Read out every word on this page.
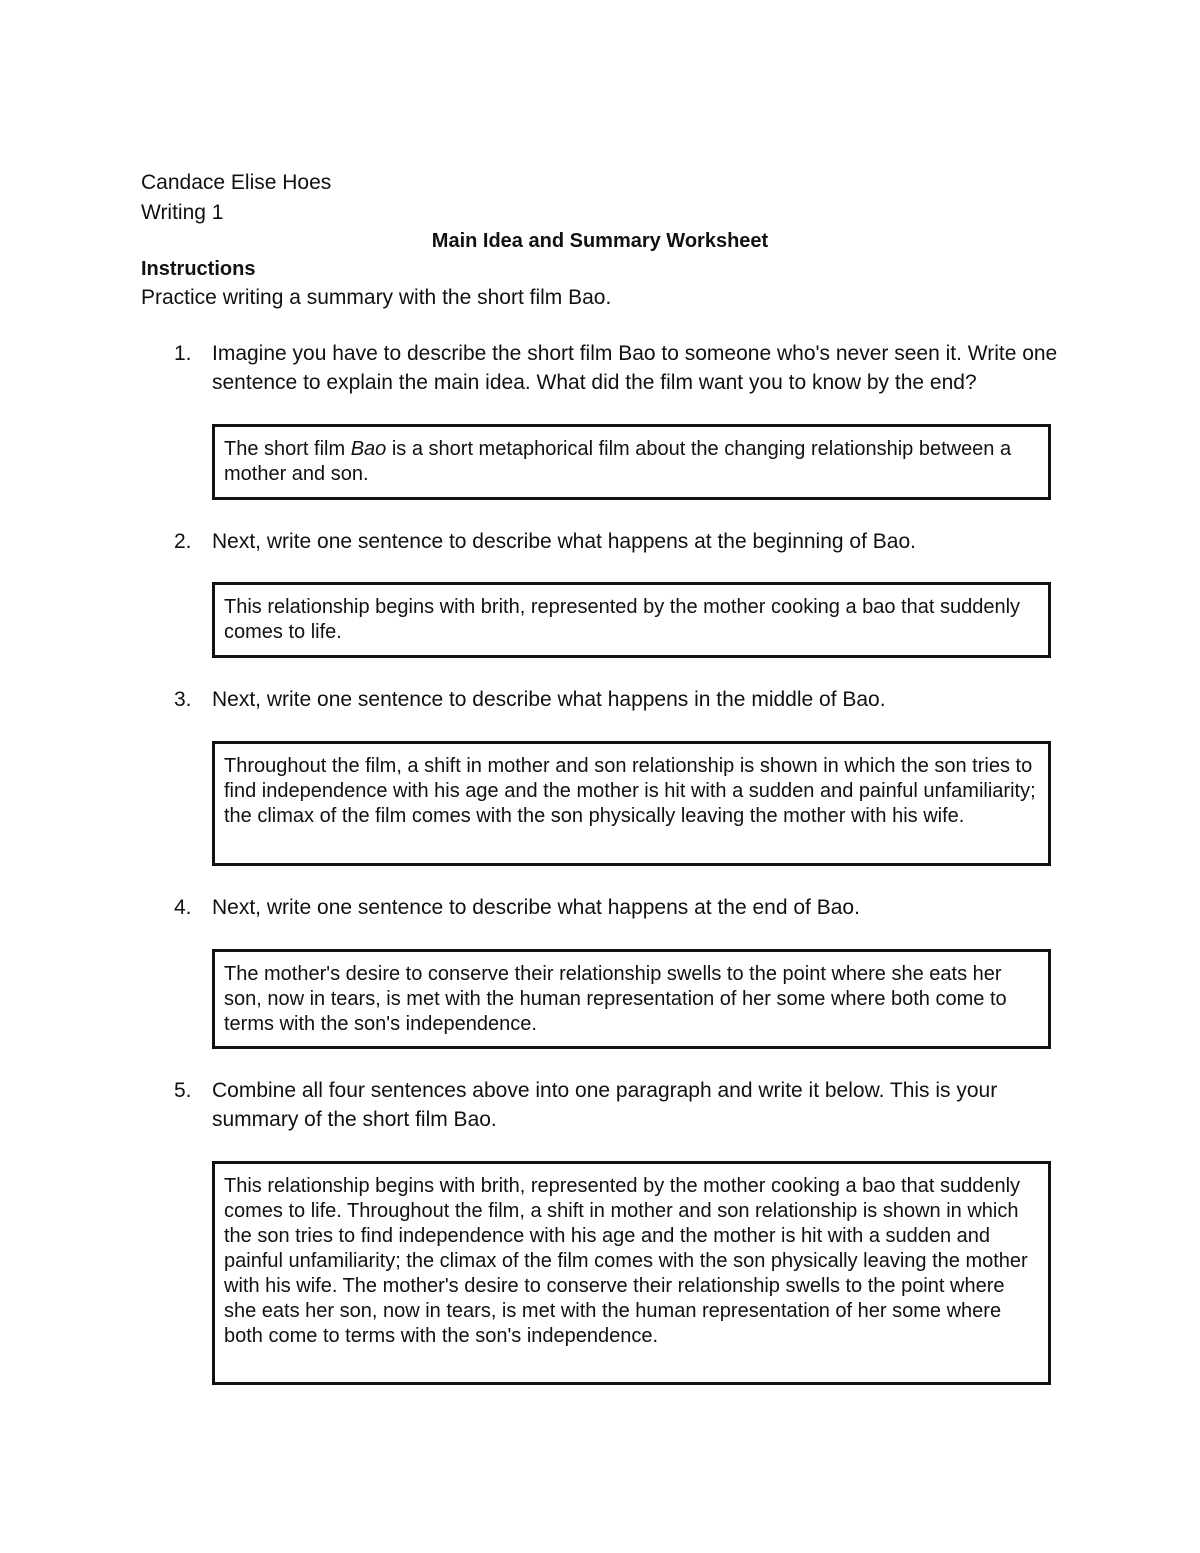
Candace Elise Hoes

Writing 1

Main Idea and Summary Worksheet
Instructions

Practice writing a summary with the short film Bao.

1. Imagine you have to describe the short film Bao to someone who's never seen it. Write one sentence to explain the main idea. What did the film want you to know by the end?

The short film Bao is a short metaphorical film about the changing relationship between a mother and son.
2. Next, write one sentence to describe what happens at the beginning of Bao.

This relationship begins with brith, represented by the mother cooking a bao that suddenly comes to life.
3. Next, write one sentence to describe what happens in the middle of Bao.

Throughout the film, a shift in mother and son relationship is shown in which the son tries to find independence with his age and the mother is hit with a sudden and painful unfamiliarity; the climax of the film comes with the son physically leaving the mother with his wife.
4. Next, write one sentence to describe what happens at the end of Bao.

The mother's desire to conserve their relationship swells to the point where she eats her son, now in tears, is met with the human representation of her some where both come to terms with the son's independence.
5. Combine all four sentences above into one paragraph and write it below. This is your summary of the short film Bao.

This relationship begins with brith, represented by the mother cooking a bao that suddenly comes to life. Throughout the film, a shift in mother and son relationship is shown in which the son tries to find independence with his age and the mother is hit with a sudden and painful unfamiliarity; the climax of the film comes with the son physically leaving the mother with his wife. The mother's desire to conserve their relationship swells to the point where she eats her son, now in tears, is met with the human representation of her some where both come to terms with the son's independence.
